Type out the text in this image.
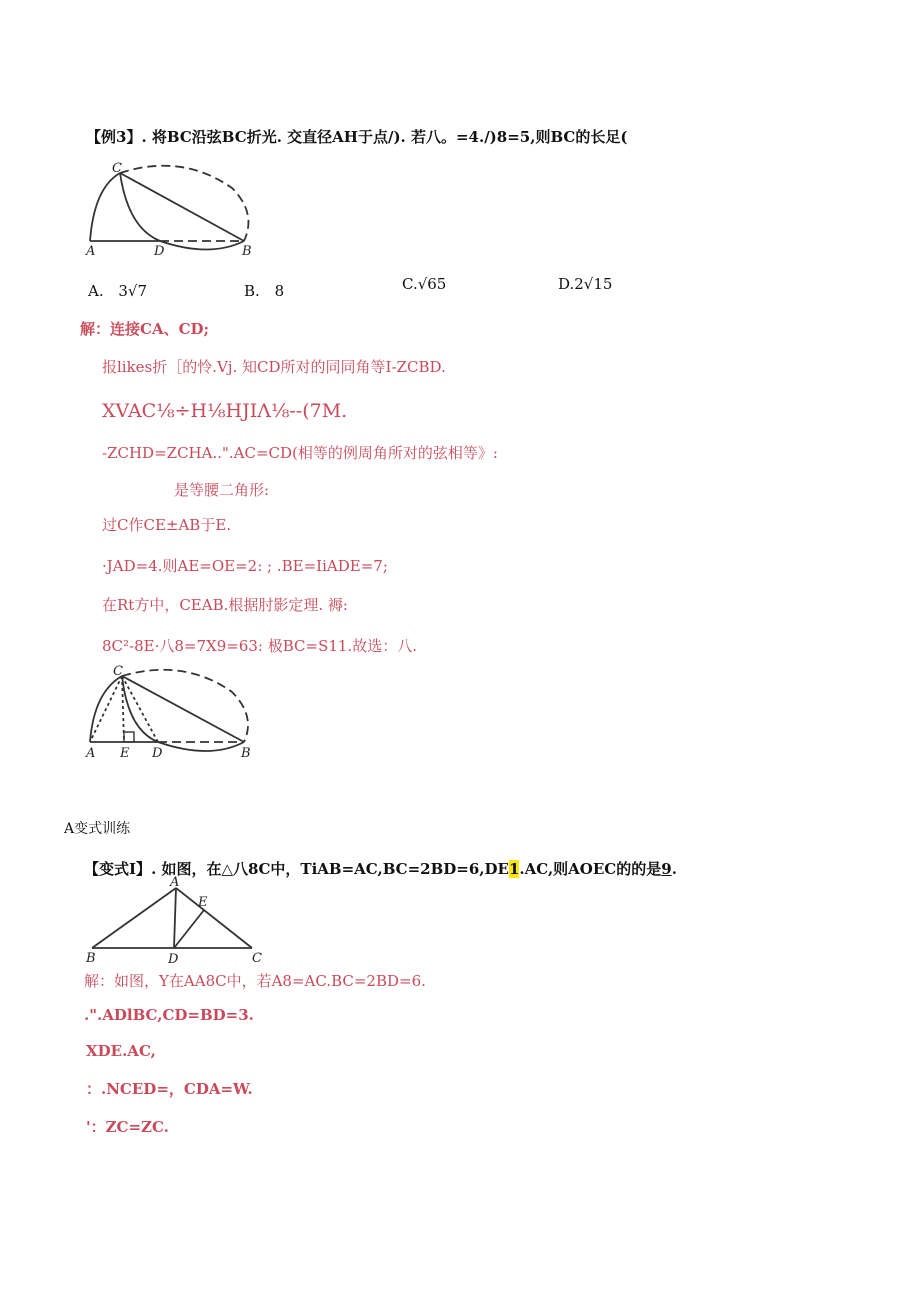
【例3】. 将BC沿弦BC折光. 交直径AH于点/). 若八。=4./)8=5,则BC的长足(
C
A	D	B
A. 3√7	B. 8	C.√65	D.2√15
解：连接CA、CD;
报likes折［的怜.Vj. 知CD所对的同同角等I-ZCBD.
XVAC⅛÷H⅛HJIΛ⅛--(7M.
-ZCHD=ZCHA..".AC=CD(相等的例周角所对的弦相等》:
是等腰二角形:
过C作CE±AB于E.
·JAD=4.则AE=OE=2: ; .BE=IiADE=7;
在Rt方中，CEAB.根据肘影定理. 褥:
8C²-8E·八8=7X9=63: 极BC=S11.故选：八.
C
A E D	B
A变式训练
【变式I】. 如图，在△八8C中，TiAB=AC,BC=2BD=6,DE1.AC,则AOEC的的是9.
A
E
B	D	C
解：如图，Y在AA8C中，若A8=AC.BC=2BD=6.
.".ADlBC,CD=BD=3.
XDE.AC,
：.NCED=，CDA=W.
'：ZC=ZC.
